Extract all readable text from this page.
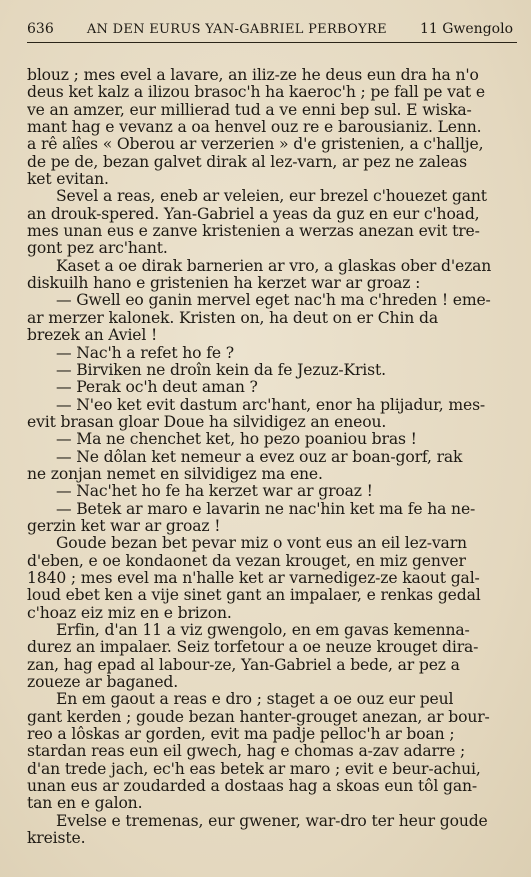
636	AN DEN EURUS YAN-GABRIEL PERBOYRE 11 Gwengolo
blouz ; mes evel a lavare, an iliz-ze he deus eun dra ha n'o
deus ket kalz a ilizou brasoc'h ha kaeroc'h ; pe fall pe vat e
ve an amzer, eur millierad tud a ve enni bep sul. E wiska-
mant hag e vevanz a oa henvel ouz re e barousianiz. Lenn.
a rê alîes « Oberou ar verzerien » d'e gristenien, a c'hallje,
de pe de, bezan galvet dirak al lez-varn, ar pez ne zaleas
ket evitan.
Sevel a reas, eneb ar veleien, eur brezel c'houezet gant
an drouk-spered. Yan-Gabriel a yeas da guz en eur c'hoad,
mes unan eus e zanve kristenien a werzas anezan evit tre-
gont pez arc'hant.
Kaset a oe dirak barnerien ar vro, a glaskas ober d'ezan
diskuilh hano e gristenien ha kerzet war ar groaz :
— Gwell eo ganin mervel eget nac'h ma c'hreden ! eme-
ar merzer kalonek. Kristen on, ha deut on er Chin da
brezek an Aviel !
— Nac'h a refet ho fe ?
— Birviken ne droîn kein da fe Jezuz-Krist.
— Perak oc'h deut aman ?
— N'eo ket evit dastum arc'hant, enor ha plijadur, mes-
evit brasan gloar Doue ha silvidigez an eneou.
— Ma ne chenchet ket, ho pezo poaniou bras !
— Ne dôlan ket nemeur a evez ouz ar boan-gorf, rak
ne zonjan nemet en silvidigez ma ene.
— Nac'het ho fe ha kerzet war ar groaz !
— Betek ar maro e lavarin ne nac'hin ket ma fe ha ne-
gerzin ket war ar groaz !
Goude bezan bet pevar miz o vont eus an eil lez-varn
d'eben, e oe kondaonet da vezan krouget, en miz genver
1840 ; mes evel ma n'halle ket ar varnedigez-ze kaout gal-
loud ebet ken a vije sinet gant an impalaer, e renkas gedal
c'hoaz eiz miz en e brizon.
Erfin, d'an 11 a viz gwengolo, en em gavas kemenna-
durez an impalaer. Seiz torfetour a oe neuze krouget dira-
zan, hag epad al labour-ze, Yan-Gabriel a bede, ar pez a
zoueze ar baganed.
En em gaout a reas e dro ; staget a oe ouz eur peul
gant kerden ; goude bezan hanter-grouget anezan, ar bour-
reo a lôskas ar gorden, evit ma padje pelloc'h ar boan ;
stardan reas eun eil gwech, hag e chomas a-zav adarre ;
d'an trede jach, ec'h eas betek ar maro ; evit e beur-achui,
unan eus ar zoudarded a dostaas hag a skoas eun tôl gan-
tan en e galon.
Evelse e tremenas, eur gwener, war-dro ter heur goude
kreiste.
